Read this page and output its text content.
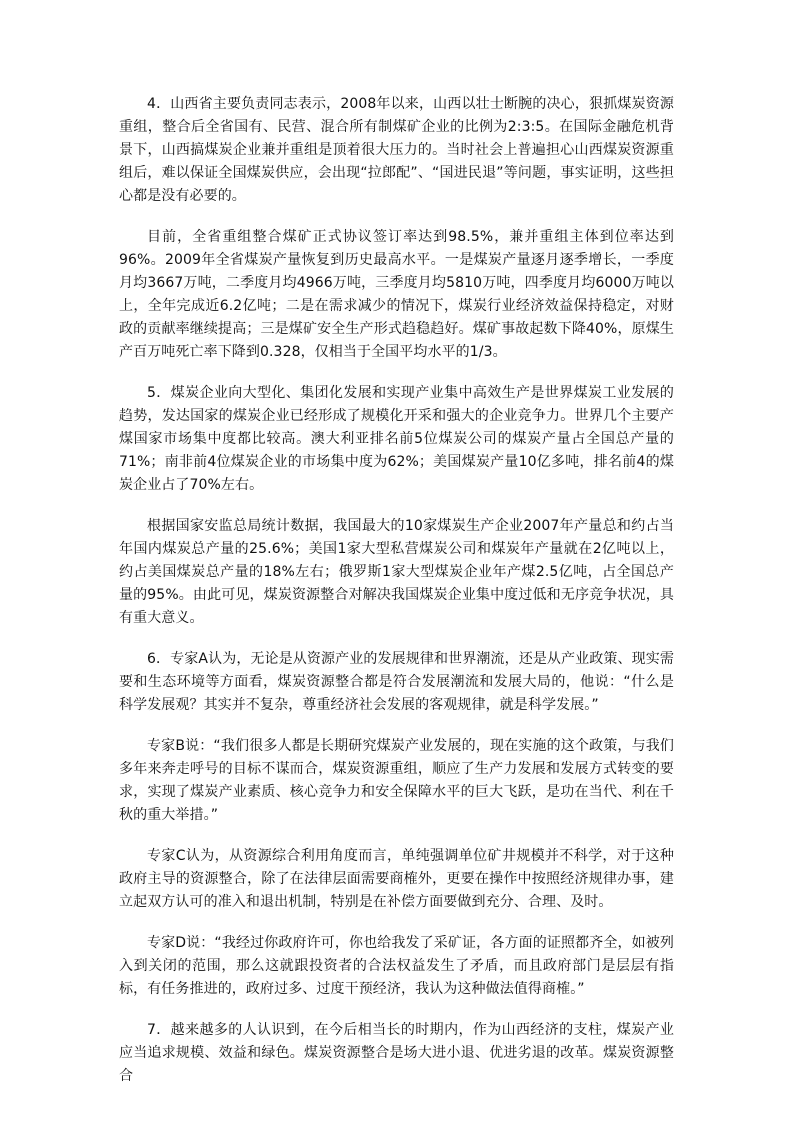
4．山西省主要负责同志表示，2008年以来，山西以壮士断腕的决心，狠抓煤炭资源重组，整合后全省国有、民营、混合所有制煤矿企业的比例为2:3:5。在国际金融危机背景下，山西搞煤炭企业兼并重组是顶着很大压力的。当时社会上普遍担心山西煤炭资源重组后，难以保证全国煤炭供应，会出现“拉郎配”、“国进民退”等问题，事实证明，这些担心都是没有必要的。

目前，全省重组整合煤矿正式协议签订率达到98.5%，兼并重组主体到位率达到96%。2009年全省煤炭产量恢复到历史最高水平。一是煤炭产量逐月逐季增长，一季度月均3667万吨，二季度月均4966万吨，三季度月均5810万吨，四季度月均6000万吨以上，全年完成近6.2亿吨；二是在需求减少的情况下，煤炭行业经济效益保持稳定，对财政的贡献率继续提高；三是煤矿安全生产形式趋稳趋好。煤矿事故起数下降40%，原煤生产百万吨死亡率下降到0.328，仅相当于全国平均水平的1/3。

5．煤炭企业向大型化、集团化发展和实现产业集中高效生产是世界煤炭工业发展的趋势，发达国家的煤炭企业已经形成了规模化开采和强大的企业竞争力。世界几个主要产煤国家市场集中度都比较高。澳大利亚排名前5位煤炭公司的煤炭产量占全国总产量的71%；南非前4位煤炭企业的市场集中度为62%；美国煤炭产量10亿多吨，排名前4的煤炭企业占了70%左右。

根据国家安监总局统计数据，我国最大的10家煤炭生产企业2007年产量总和约占当年国内煤炭总产量的25.6%；美国1家大型私营煤炭公司和煤炭年产量就在2亿吨以上，约占美国煤炭总产量的18%左右；俄罗斯1家大型煤炭企业年产煤2.5亿吨，占全国总产量的95%。由此可见，煤炭资源整合对解决我国煤炭企业集中度过低和无序竞争状况，具有重大意义。

6．专家A认为，无论是从资源产业的发展规律和世界潮流，还是从产业政策、现实需要和生态环境等方面看，煤炭资源整合都是符合发展潮流和发展大局的，他说：“什么是科学发展观？其实并不复杂，尊重经济社会发展的客观规律，就是科学发展。”

专家B说：“我们很多人都是长期研究煤炭产业发展的，现在实施的这个政策，与我们多年来奔走呼号的目标不谋而合，煤炭资源重组，顺应了生产力发展和发展方式转变的要求，实现了煤炭产业素质、核心竞争力和安全保障水平的巨大飞跃，是功在当代、利在千秋的重大举措。”

专家C认为，从资源综合利用角度而言，单纯强调单位矿井规模并不科学，对于这种政府主导的资源整合，除了在法律层面需要商榷外，更要在操作中按照经济规律办事，建立起双方认可的准入和退出机制，特别是在补偿方面要做到充分、合理、及时。

专家D说：“我经过你政府许可，你也给我发了采矿证，各方面的证照都齐全，如被列入到关闭的范围，那么这就跟投资者的合法权益发生了矛盾，而且政府部门是层层有指标，有任务推进的，政府过多、过度干预经济，我认为这种做法值得商榷。”

7．越来越多的人认识到，在今后相当长的时期内，作为山西经济的支柱，煤炭产业应当追求规模、效益和绿色。煤炭资源整合是场大进小退、优进劣退的改革。煤炭资源整合
